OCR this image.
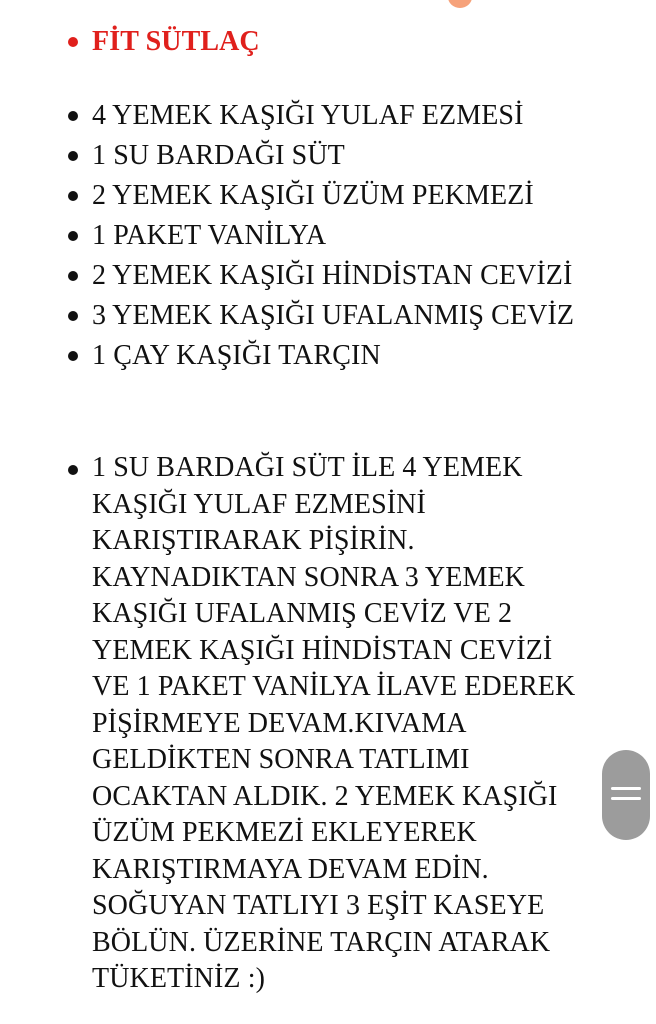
FİT SÜTLAÇ
4 YEMEK KAŞIĞI YULAF EZMESİ
1 SU BARDAĞI SÜT
2 YEMEK KAŞIĞI ÜZÜM PEKMEZİ
1 PAKET VANİLYA
2 YEMEK KAŞIĞI HİNDİSTAN CEVİZİ
3 YEMEK KAŞIĞI UFALANMIŞ CEVİZ
1 ÇAY KAŞIĞI TARÇIN
1 SU BARDAĞI SÜT İLE 4 YEMEK
KAŞIĞI YULAF EZMESİNİ
KARIŞTIRARAK PİŞİRİN.
KAYNADIKTAN SONRA 3 YEMEK
KAŞIĞI UFALANMIŞ CEVİZ VE 2
YEMEK KAŞIĞI HİNDİSTAN CEVİZİ
VE 1 PAKET VANİLYA İLAVE EDEREK
PİŞİRMEYE DEVAM.KIVAMA
GELDİKTEN SONRA TATLIMI
OCAKTAN ALDIK. 2 YEMEK KAŞIĞI
ÜZÜM PEKMEZİ EKLEYEREK
KARIŞTIRMAYA DEVAM EDİN.
SOĞUYAN TATLIYI 3 EŞİT KASEYE
BÖLÜN. ÜZERİNE TARÇIN ATARAK
TÜKETİNİZ :)
